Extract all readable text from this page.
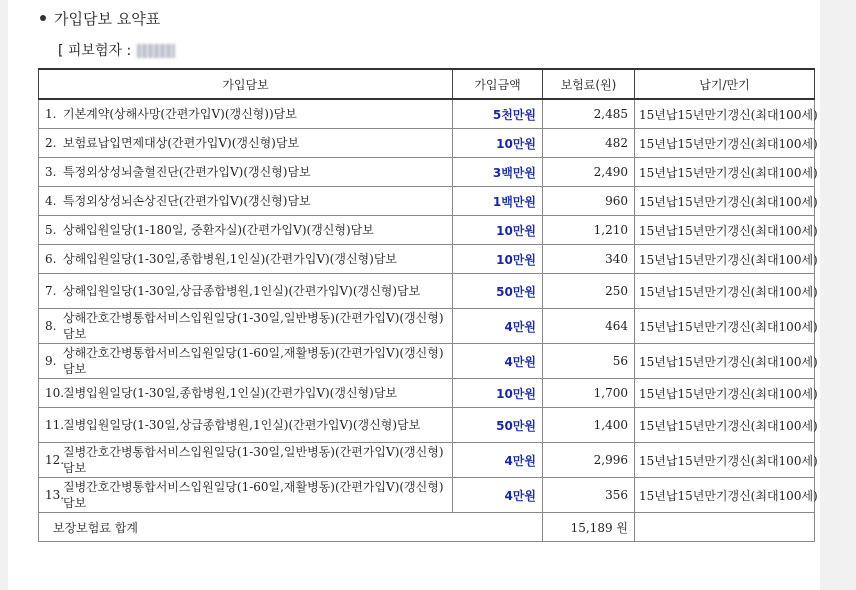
가입담보 요약표
[ 피보험자 :
가입담보	가입금액	보험료(원)	납기/만기

1. 기본계약(상해사망(간편가입Ⅴ)(갱신형))담보	5천만원	2,485	15년납15년만기갱신(최대100세)

2. 보험료납입면제대상(간편가입Ⅴ)(갱신형)담보	10만원	482	15년납15년만기갱신(최대100세)

3. 특정외상성뇌출혈진단(간편가입Ⅴ)(갱신형)담보	3백만원	2,490	15년납15년만기갱신(최대100세)

4. 특정외상성뇌손상진단(간편가입Ⅴ)(갱신형)담보	1백만원	960	15년납15년만기갱신(최대100세)

5. 상해입원일당(1-180일, 중환자실)(간편가입Ⅴ)(갱신형)담보	10만원	1,210	15년납15년만기갱신(최대100세)

6. 상해입원일당(1-30일,종합병원,1인실)(간편가입Ⅴ)(갱신형)담보	10만원	340	15년납15년만기갱신(최대100세)

7. 상해입원일당(1-30일,상급종합병원,1인실)(간편가입Ⅴ)(갱신형)담보	50만원	250	15년납15년만기갱신(최대100세)

8.
상해간호간병통합서비스입원일당(1-30일,일반병동)(간편가입Ⅴ)(갱신형)담보	4만원	464	15년납15년만기갱신(최대100세)

9.
상해간호간병통합서비스입원일당(1-60일,재활병동)(간편가입Ⅴ)(갱신형)담보	4만원	56	15년납15년만기갱신(최대100세)

10.
질병입원일당(1-30일,종합병원,1인실)(간편가입Ⅴ)(갱신형)담보	10만원	1,700	15년납15년만기갱신(최대100세)

11.
질병입원일당(1-30일,상급종합병원,1인실)(간편가입Ⅴ)(갱신형)담보	50만원	1,400	15년납15년만기갱신(최대100세)

12.
질병간호간병통합서비스입원일당(1-30일,일반병동)(간편가입Ⅴ)(갱신형)담보	4만원	2,996	15년납15년만기갱신(최대100세)

13.
질병간호간병통합서비스입원일당(1-60일,재활병동)(간편가입Ⅴ)(갱신형)담보	4만원	356	15년납15년만기갱신(최대100세)
보장보험료 합계		15,189 원	
